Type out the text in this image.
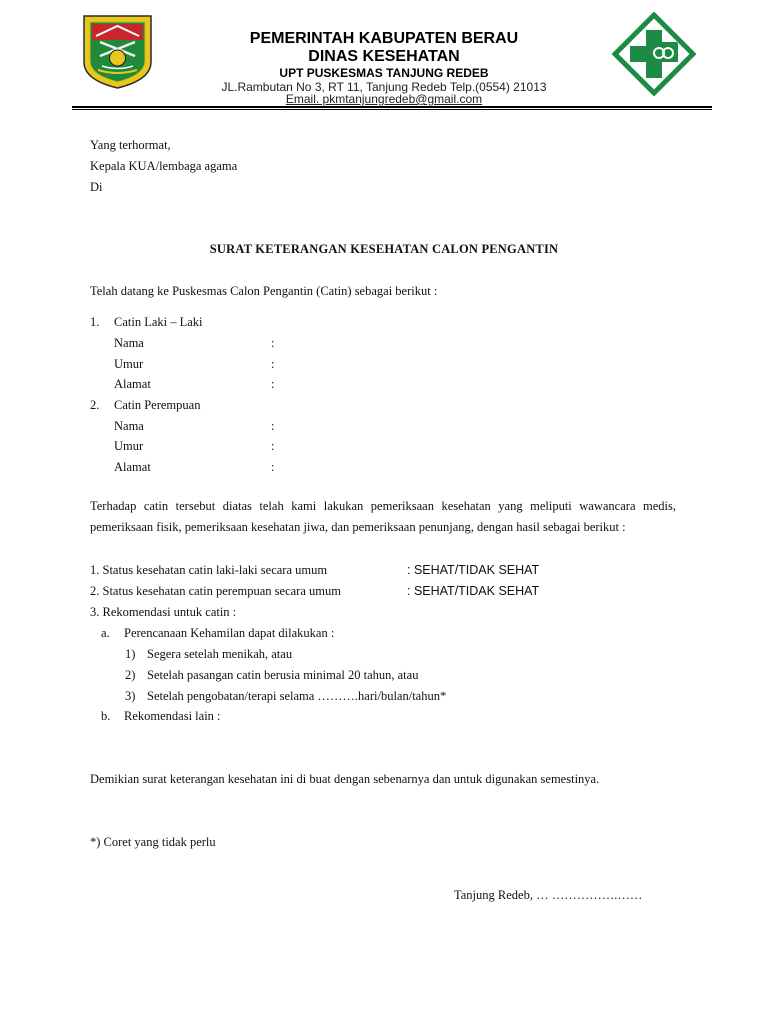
PEMERINTAH KABUPATEN BERAU
DINAS KESEHATAN
UPT PUSKESMAS TANJUNG REDEB
JL.Rambutan No 3, RT 11, Tanjung Redeb Telp.(0554) 21013
Email. pkmtanjungredeb@gmail.com
Yang terhormat,
Kepala KUA/lembaga agama
Di
SURAT KETERANGAN KESEHATAN CALON PENGANTIN
Telah datang ke Puskesmas Calon Pengantin (Catin) sebagai berikut :
1. Catin Laki – Laki
Nama	:
Umur	:
Alamat	:
2. Catin Perempuan
Nama	:
Umur	:
Alamat	:
Terhadap catin tersebut diatas telah kami lakukan pemeriksaan kesehatan yang meliputi wawancara medis, pemeriksaan fisik, pemeriksaan kesehatan jiwa, dan pemeriksaan penunjang, dengan hasil sebagai berikut :
1. Status kesehatan catin laki-laki secara umum	: SEHAT/TIDAK SEHAT
2. Status kesehatan catin perempuan secara umum	: SEHAT/TIDAK SEHAT
3. Rekomendasi untuk catin :
a. Perencanaan Kehamilan dapat dilakukan :
1) Segera setelah menikah, atau
2) Setelah pasangan catin berusia minimal 20 tahun, atau
3) Setelah pengobatan/terapi selama ……….hari/bulan/tahun*
b. Rekomendasi lain :
Demikian surat keterangan kesehatan ini di buat dengan sebenarnya dan untuk digunakan semestinya.
*) Coret yang tidak perlu
Tanjung Redeb, … …………….……
